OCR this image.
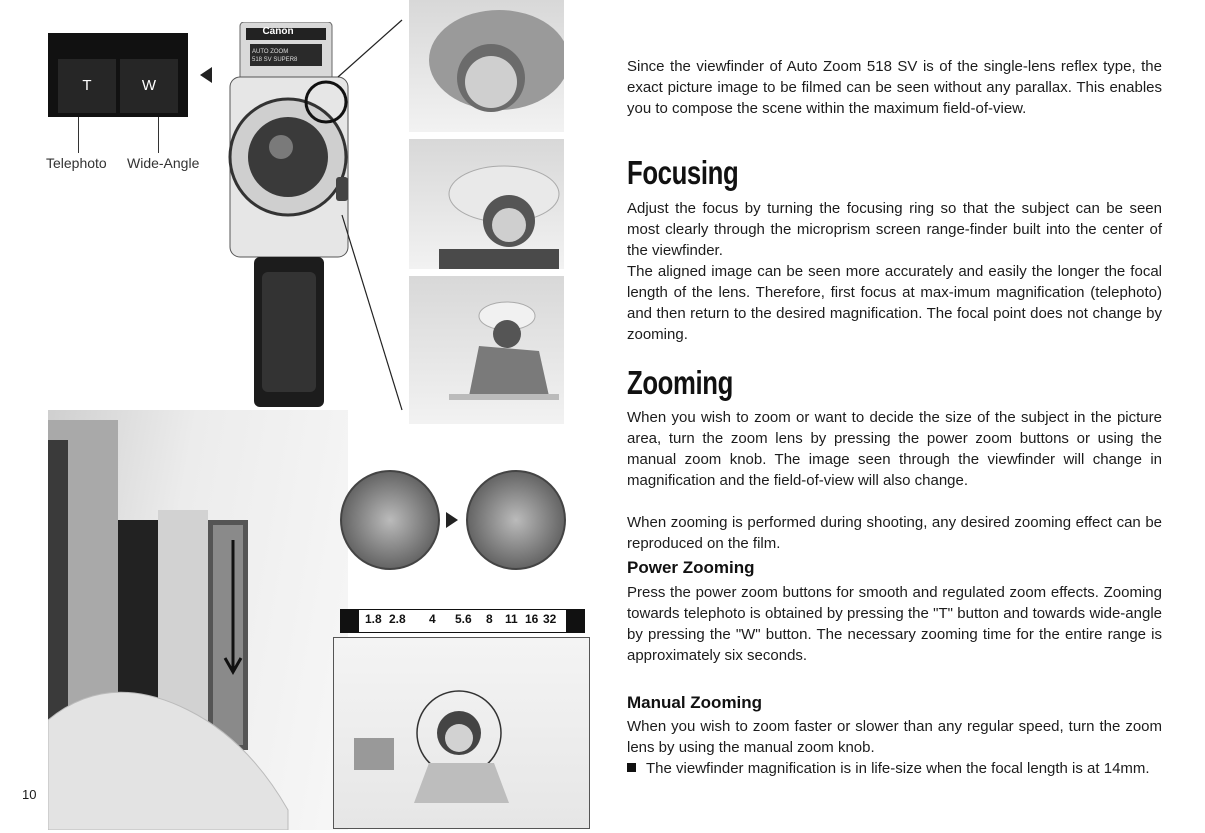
T	W
Telephoto Wide-Angle
Canon
AUTO ZOOM
518 SV SUPER8
1.8 2.8 4 5.6 8 11 16 32
10
Since the viewfinder of Auto Zoom 518 SV is of the single-lens reflex type, the exact picture image to be filmed can be seen without any parallax. This enables you to compose the scene within the maximum field-of-view.
Focusing
Adjust the focus by turning the focusing ring so that the subject can be seen most clearly through the microprism screen range-finder built into the center of the viewfinder.
The aligned image can be seen more accurately and easily the longer the focal length of the lens. Therefore, first focus at max-imum magnification (telephoto) and then return to the desired magnification. The focal point does not change by zooming.
Zooming
When you wish to zoom or want to decide the size of the subject in the picture area, turn the zoom lens by pressing the power zoom buttons or using the manual zoom knob. The image seen through the viewfinder will change in magnification and the field-of-view will also change.
When zooming is performed during shooting, any desired zooming effect can be reproduced on the film.
Power Zooming
Press the power zoom buttons for smooth and regulated zoom effects. Zooming towards telephoto is obtained by pressing the "T" button and towards wide-angle by pressing the "W" button. The necessary zooming time for the entire range is approximately six seconds.
Manual Zooming
When you wish to zoom faster or slower than any regular speed, turn the zoom lens by using the manual zoom knob.
The viewfinder magnification is in life-size when the focal length is at 14mm.
